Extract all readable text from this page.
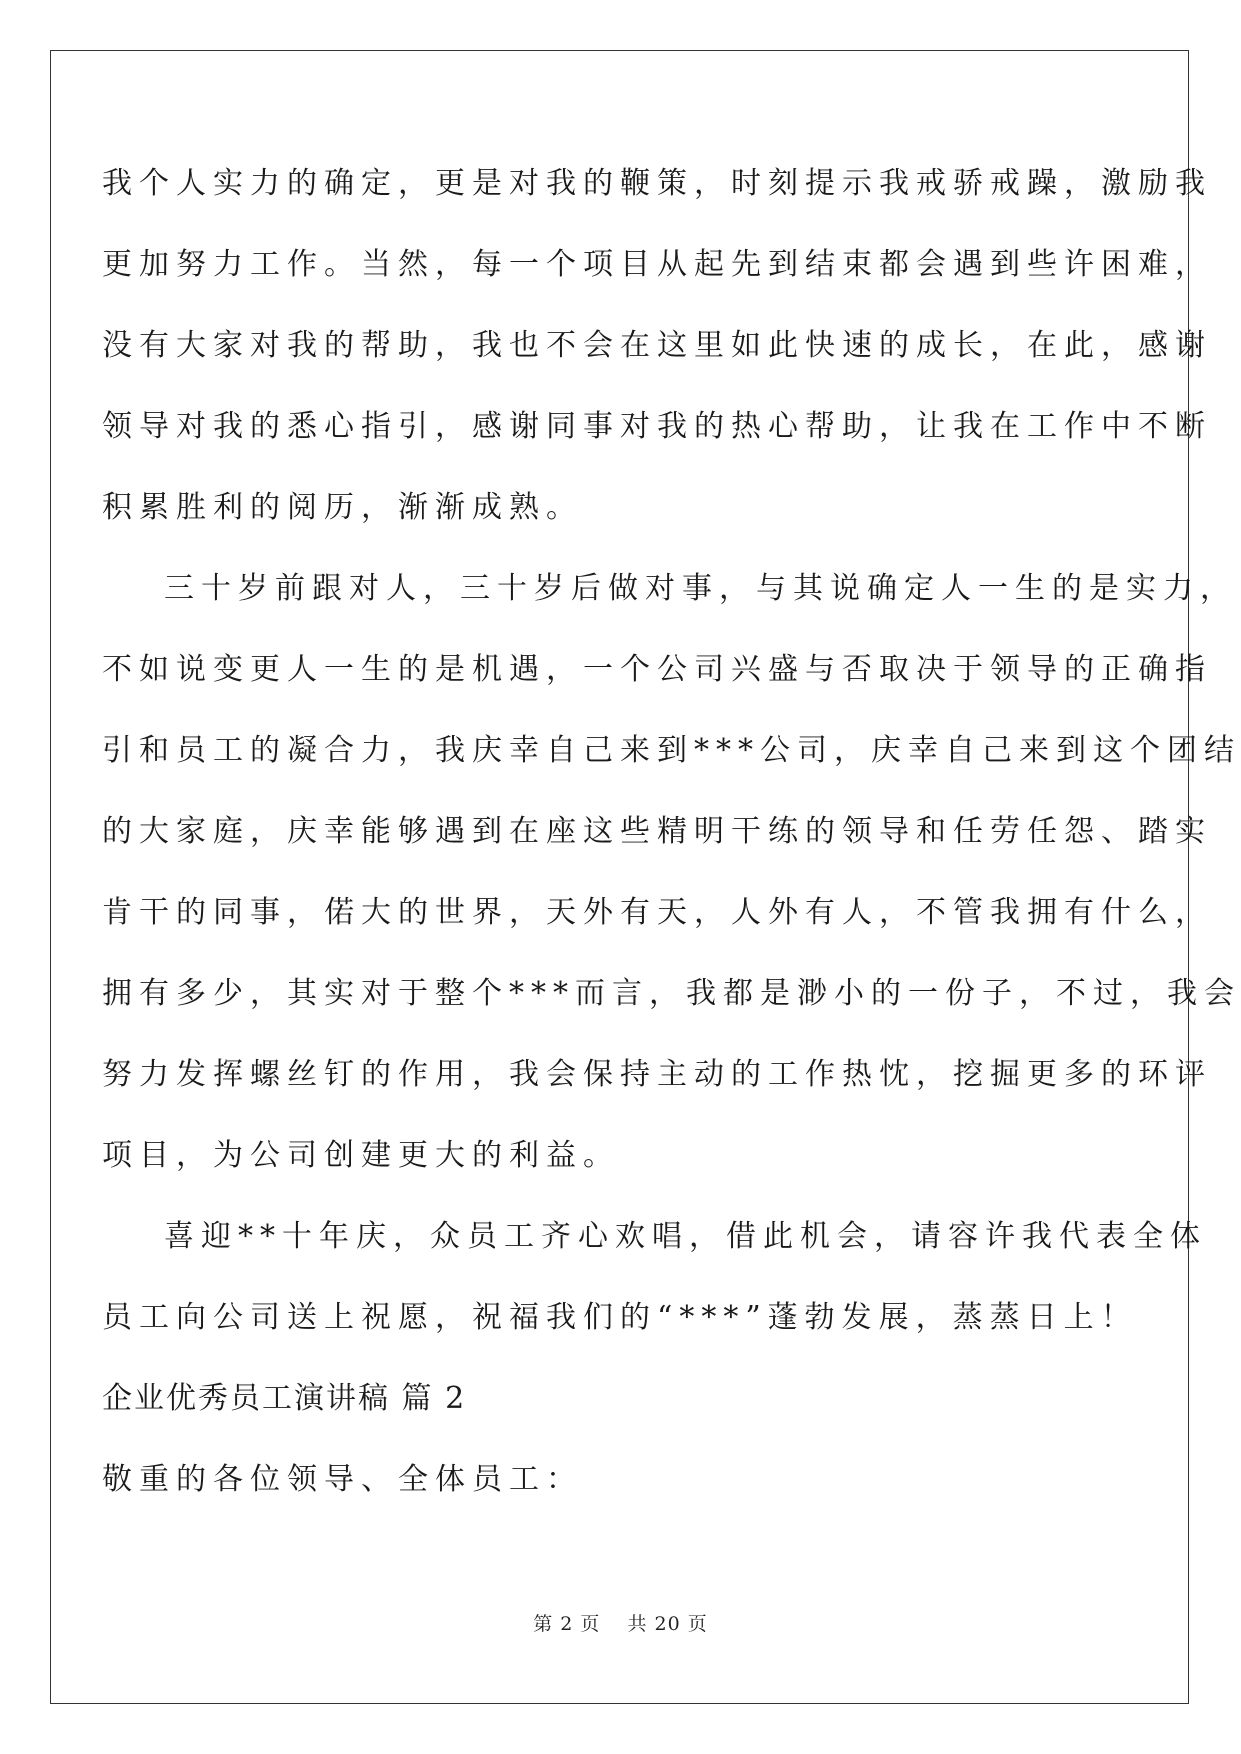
我个人实力的确定，更是对我的鞭策，时刻提示我戒骄戒躁，激励我
更加努力工作。当然，每一个项目从起先到结束都会遇到些许困难，
没有大家对我的帮助，我也不会在这里如此快速的成长，在此，感谢
领导对我的悉心指引，感谢同事对我的热心帮助，让我在工作中不断
积累胜利的阅历，渐渐成熟。
三十岁前跟对人，三十岁后做对事，与其说确定人一生的是实力，
不如说变更人一生的是机遇，一个公司兴盛与否取决于领导的正确指
引和员工的凝合力，我庆幸自己来到***公司，庆幸自己来到这个团结
的大家庭，庆幸能够遇到在座这些精明干练的领导和任劳任怨、踏实
肯干的同事，偌大的世界，天外有天，人外有人，不管我拥有什么，
拥有多少，其实对于整个***而言，我都是渺小的一份子，不过，我会
努力发挥螺丝钉的作用，我会保持主动的工作热忱，挖掘更多的环评
项目，为公司创建更大的利益。
喜迎**十年庆，众员工齐心欢唱，借此机会，请容许我代表全体
员工向公司送上祝愿，祝福我们的“***”蓬勃发展，蒸蒸日上！
企业优秀员工演讲稿 篇 2
敬重的各位领导、全体员工：
第 2 页 共 20 页
